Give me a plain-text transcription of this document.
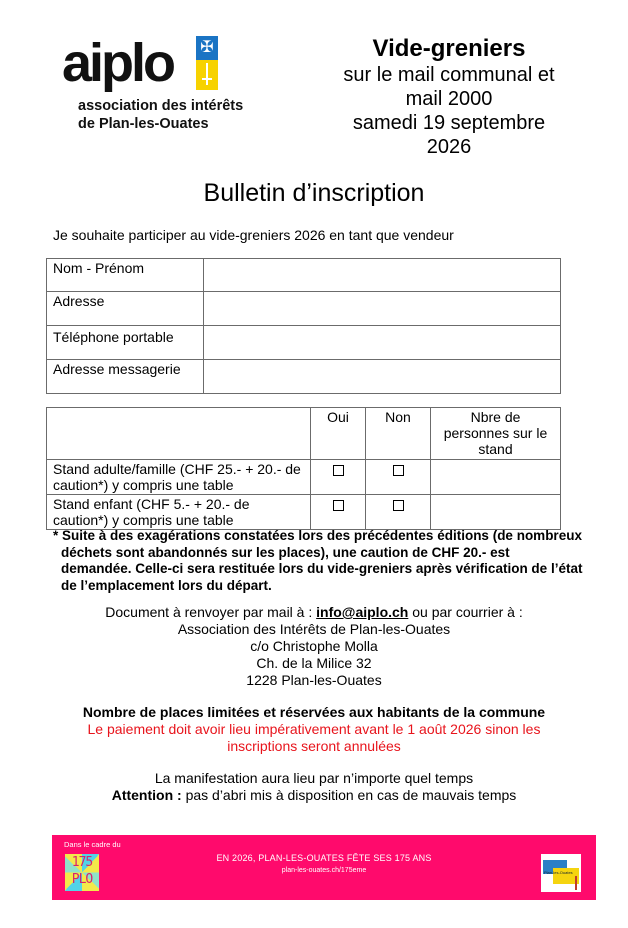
aiplo ✠
association des intérêts
de Plan-les-Ouates
Vide-greniers
sur le mail communal et
mail 2000
samedi 19 septembre
2026
Bulletin d’inscription
Je souhaite participer au vide-greniers 2026 en tant que vendeur
Nom - Prénom	
Adresse	
Téléphone portable	
Adresse messagerie	
	Oui	Non	Nbre de personnes sur le stand
Stand adulte/famille (CHF 25.- + 20.- de caution*) y compris une table			
Stand enfant (CHF 5.- + 20.- de caution*) y compris une table			
* Suite à des exagérations constatées lors des précédentes éditions (de nombreux
déchets sont abandonnés sur les places), une caution de CHF 20.- est demandée. Celle-ci sera restituée lors du vide-greniers après vérification de l’état de l’emplacement lors du départ.
Document à renvoyer par mail à : info@aiplo.ch ou par courrier à :
Association des Intérêts de Plan-les-Ouates
c/o Christophe Molla
Ch. de la Milice 32
1228 Plan-les-Ouates
Nombre de places limitées et réservées aux habitants de la commune
Le paiement doit avoir lieu impérativement avant le 1 août 2026 sinon les inscriptions seront annulées
La manifestation aura lieu par n’importe quel temps
Attention : pas d’abri mis à disposition en cas de mauvais temps
Dans le cadre du
175
PLO
EN 2026, PLAN-LES-OUATES FÊTE SES 175 ANS
plan-les-ouates.ch/175eme	Plan-les-Ouates
